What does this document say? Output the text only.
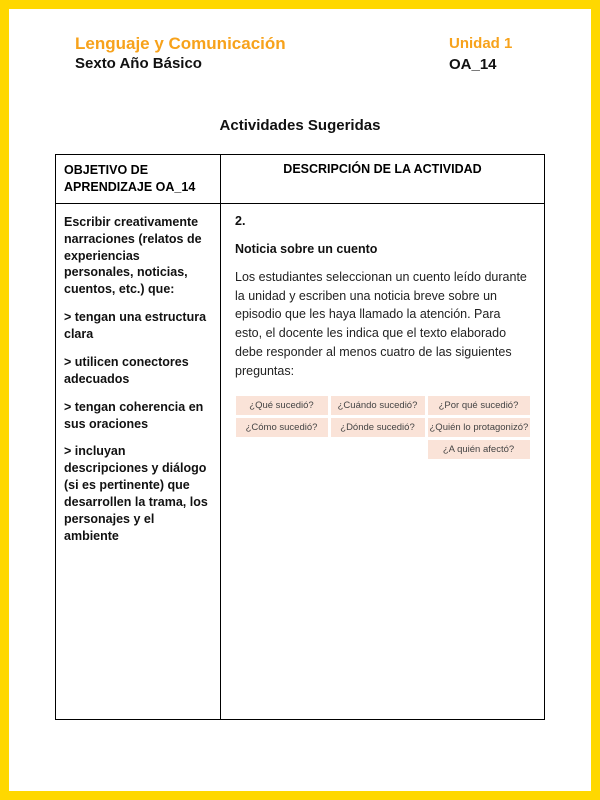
Lenguaje y Comunicación
Sexto Año Básico
Unidad 1
OA_14
Actividades Sugeridas
OBJETIVO DE APRENDIZAJE OA_14
DESCRIPCIÓN DE LA ACTIVIDAD

Escribir creativamente narraciones (relatos de experiencias personales, noticias, cuentos, etc.) que:

> tengan una estructura clara

> utilicen conectores adecuados

> tengan coherencia en sus oraciones

> incluyan descripciones y diálogo (si es pertinente) que desarrollen la trama, los personajes y el ambiente

2.

Noticia sobre un cuento

Los estudiantes seleccionan un cuento leído durante la unidad y escriben una noticia breve sobre un episodio que les haya llamado la atención. Para esto, el docente les indica que el texto elaborado debe responder al menos cuatro de las siguientes preguntas:

¿Qué sucedió?
¿Cómo sucedió?
¿Cuándo sucedió?
¿Dónde sucedió?
¿Por qué sucedió?
¿Quién lo protagonizó?
¿A quién afectó?
